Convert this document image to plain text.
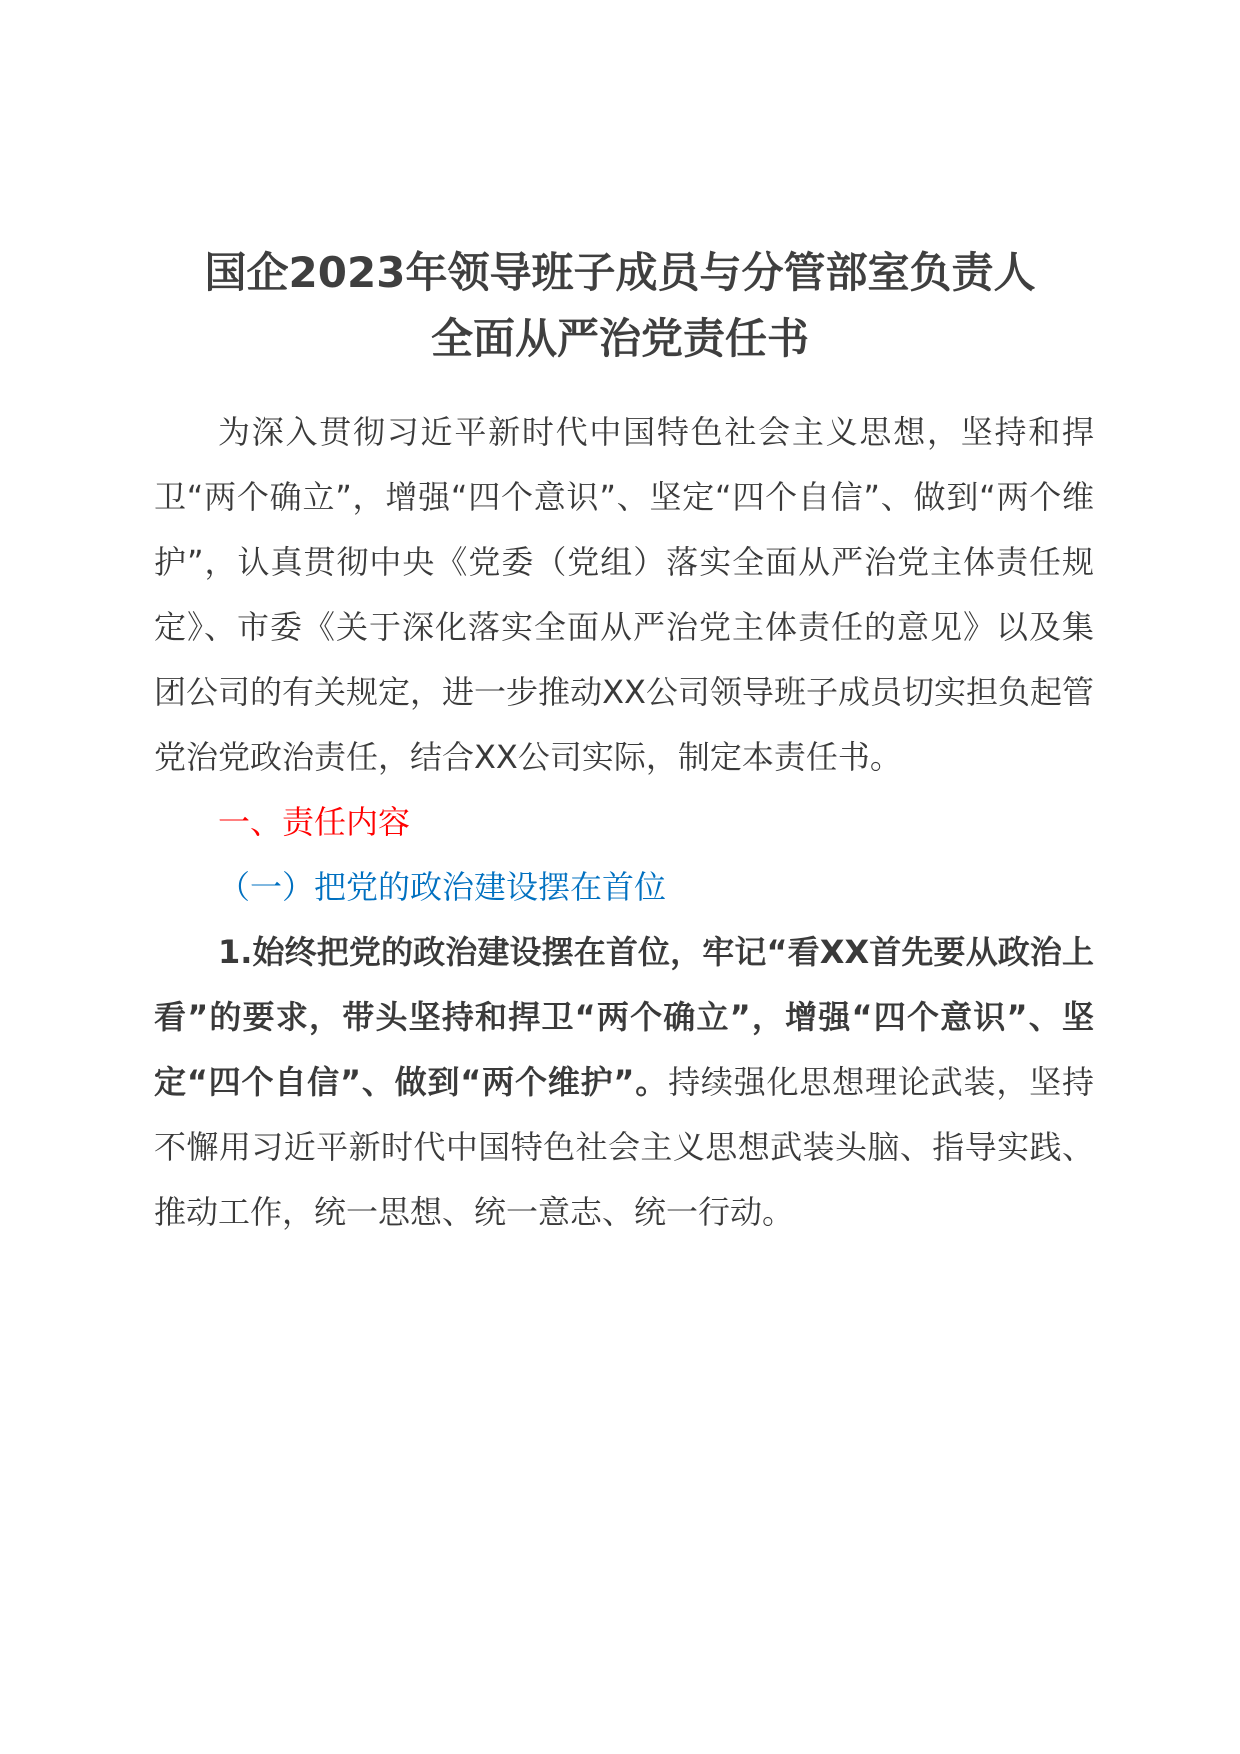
国企2023年领导班子成员与分管部室负责人
全面从严治党责任书

为深入贯彻习近平新时代中国特色社会主义思想，坚持和捍卫“两个确立”，增强“四个意识”、坚定“四个自信”、做到“两个维护”，认真贯彻中央《党委（党组）落实全面从严治党主体责任规定》、市委《关于深化落实全面从严治党主体责任的意见》以及集团公司的有关规定，进一步推动XX公司领导班子成员切实担负起管党治党政治责任，结合XX公司实际，制定本责任书。

一、责任内容

（一）把党的政治建设摆在首位

1.始终把党的政治建设摆在首位，牢记“看XX首先要从政治上看”的要求，带头坚持和捍卫“两个确立”，增强“四个意识”、坚定“四个自信”、做到“两个维护”。持续强化思想理论武装，坚持不懈用习近平新时代中国特色社会主义思想武装头脑、指导实践、推动工作，统一思想、统一意志、统一行动。
